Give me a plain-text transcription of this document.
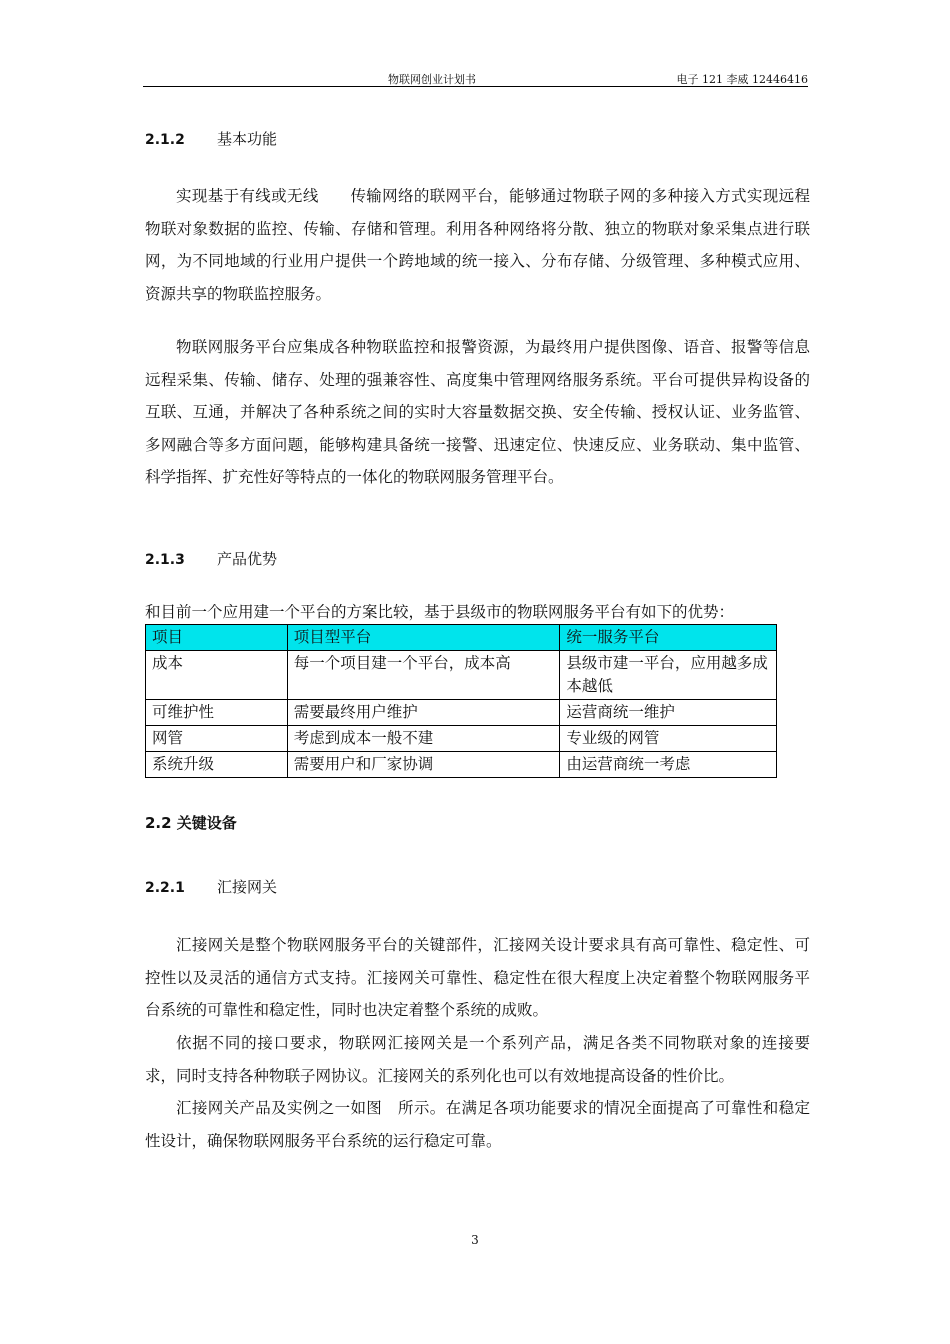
物联网创业计划书	电子 121 李威 12446416
2.1.2 基本功能

实现基于有线或无线　　传输网络的联网平台，能够通过物联子网的多种接入方式实现远程物联对象数据的监控、传输、存储和管理。利用各种网络将分散、独立的物联对象采集点进行联网，为不同地域的行业用户提供一个跨地域的统一接入、分布存储、分级管理、多种模式应用、资源共享的物联监控服务。

物联网服务平台应集成各种物联监控和报警资源，为最终用户提供图像、语音、报警等信息远程采集、传输、储存、处理的强兼容性、高度集中管理网络服务系统。平台可提供异构设备的互联、互通，并解决了各种系统之间的实时大容量数据交换、安全传输、授权认证、业务监管、多网融合等多方面问题，能够构建具备统一接警、迅速定位、快速反应、业务联动、集中监管、科学指挥、扩充性好等特点的一体化的物联网服务管理平台。

2.1.3 产品优势
和目前一个应用建一个平台的方案比较，基于县级市的物联网服务平台有如下的优势：
项目	项目型平台	统一服务平台
成本	每一个项目建一个平台，成本高	县级市建一平台，应用越多成本越低
可维护性	需要最终用户维护	运营商统一维护
网管	考虑到成本一般不建	专业级的网管
系统升级	需要用户和厂家协调	由运营商统一考虑
2.2 关键设备
2.2.1 汇接网关

汇接网关是整个物联网服务平台的关键部件，汇接网关设计要求具有高可靠性、稳定性、可控性以及灵活的通信方式支持。汇接网关可靠性、稳定性在很大程度上决定着整个物联网服务平台系统的可靠性和稳定性，同时也决定着整个系统的成败。

依据不同的接口要求，物联网汇接网关是一个系列产品，满足各类不同物联对象的连接要求，同时支持各种物联子网协议。汇接网关的系列化也可以有效地提高设备的性价比。

汇接网关产品及实例之一如图　所示。在满足各项功能要求的情况全面提高了可靠性和稳定性设计，确保物联网服务平台系统的运行稳定可靠。

3
